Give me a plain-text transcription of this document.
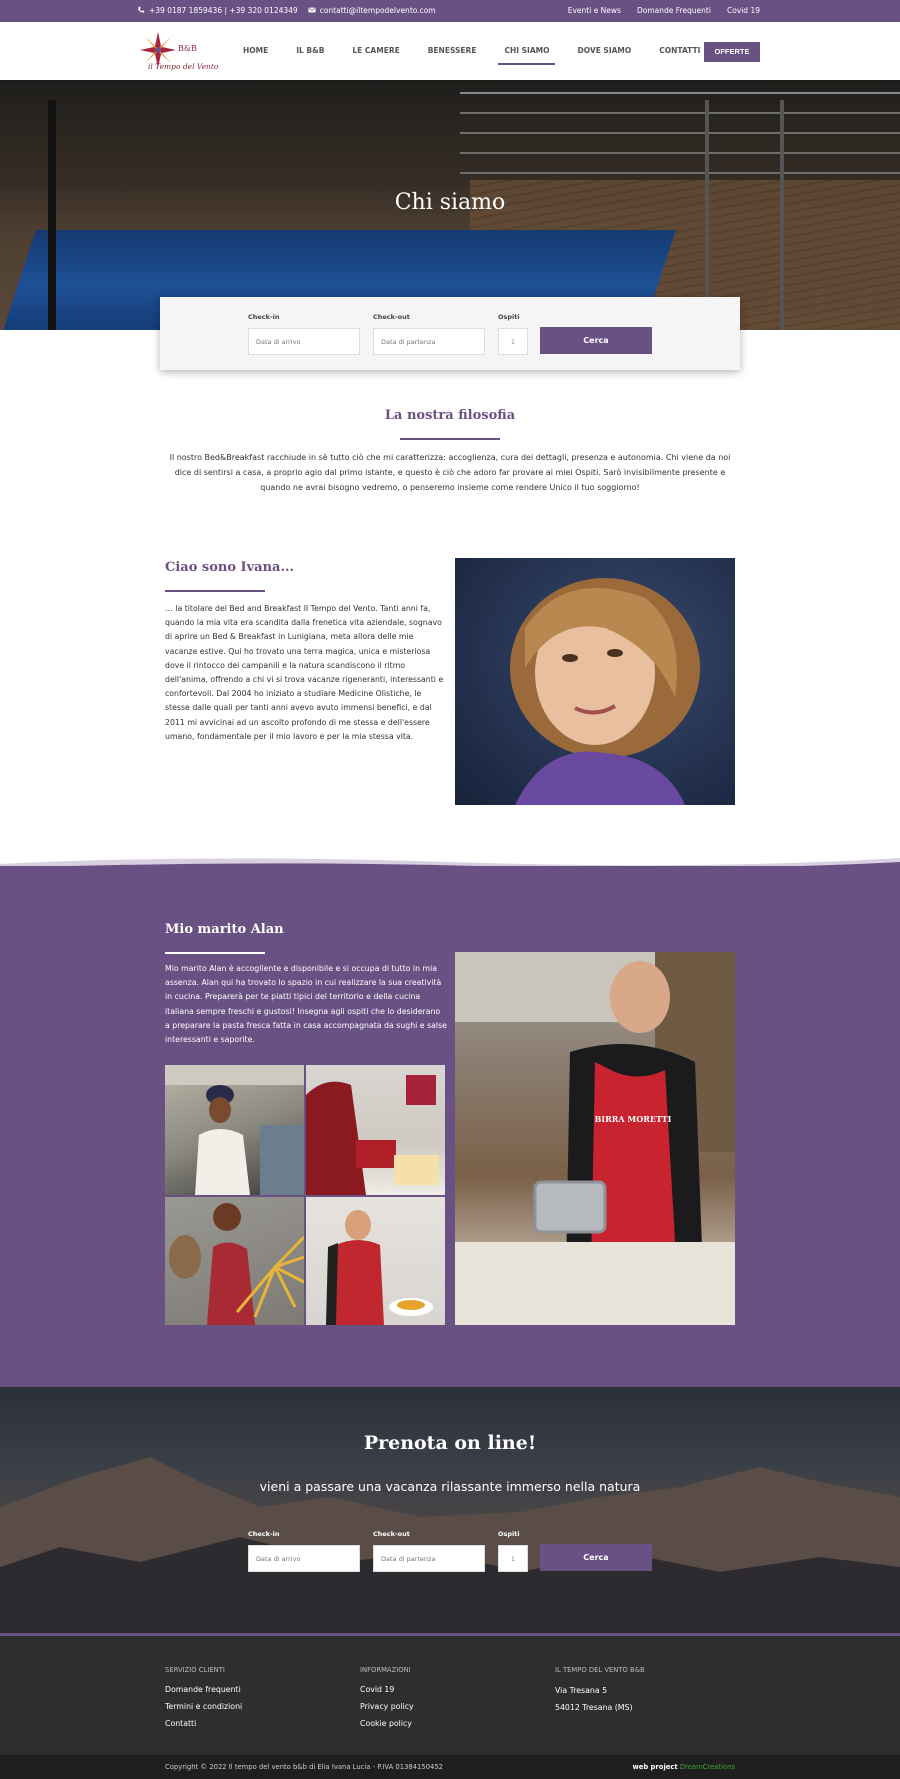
+39 0187 1859436 | +39 320 0124349	contatti@iltempodelvento.com	Eventi e News Domande Frequenti Covid 19
B&B
il Tempo del Vento
HOME	IL B&B	LE CAMERE	BENESSERE	CHI SIAMO	DOVE SIAMO	CONTATTI	OFFERTE
Chi siamo
Check-in
Data di arrivo	Check-out
Data di partenza	Ospiti
1
Cerca
La nostra filosofia
Il nostro Bed&Breakfast racchiude in sè tutto ciò che mi caratterizza: accoglienza, cura dei dettagli, presenza e autonomia. Chi viene da noi dice di sentirsi a casa, a proprio agio dal primo istante, e questo è ciò che adoro far provare ai miei Ospiti. Sarò invisibilmente presente e quando ne avrai bisogno vedremo, o penseremo insieme come rendere Unico il tuo soggiorno!
Ciao sono Ivana...
… la titolare del Bed and Breakfast Il Tempo del Vento. Tanti anni fa, quando la mia vita era scandita dalla frenetica vita aziendale, sognavo di aprire un Bed & Breakfast in Lunigiana, meta allora delle mie vacanze estive. Qui ho trovato una terra magica, unica e misteriosa dove il rintocco dei campanili e la natura scandiscono il ritmo dell'anima, offrendo a chi vi si trova vacanze rigeneranti, interessanti e confortevoli. Dal 2004 ho iniziato a studiare Medicine Olistiche, le stesse dalle quali per tanti anni avevo avuto immensi benefici, e dal 2011 mi avvicinai ad un ascolto profondo di me stessa e dell'essere umano, fondamentale per il mio lavoro e per la mia stessa vita.
Mio marito Alan
Mio marito Alan è accogliente e disponibile e si occupa di tutto in mia assenza. Alan qui ha trovato lo spazio in cui realizzare la sua creatività in cucina. Preparerà per te piatti tipici del territorio e della cucina italiana sempre freschi e gustosi! Insegna agli ospiti che lo desiderano a preparare la pasta fresca fatta in casa accompagnata da sughi e salse interessanti e saporite.
BIRRA MORETTI
Prenota on line!
vieni a passare una vacanza rilassante immerso nella natura
Check-in
Data di arrivo	Check-out
Data di partenza	Ospiti
1
Cerca
SERVIZIO CLIENTI
Domande frequenti
Termini e condizioni
Contatti
INFORMAZIONI
Covid 19
Privacy policy
Cookie policy
IL TEMPO DEL VENTO B&B
Via Tresana 5
54012 Tresana (MS)
Copyright © 2022 Il tempo del vento b&b di Elia Ivana Lucia - P.IVA 01384150452	web project DreamCreations
